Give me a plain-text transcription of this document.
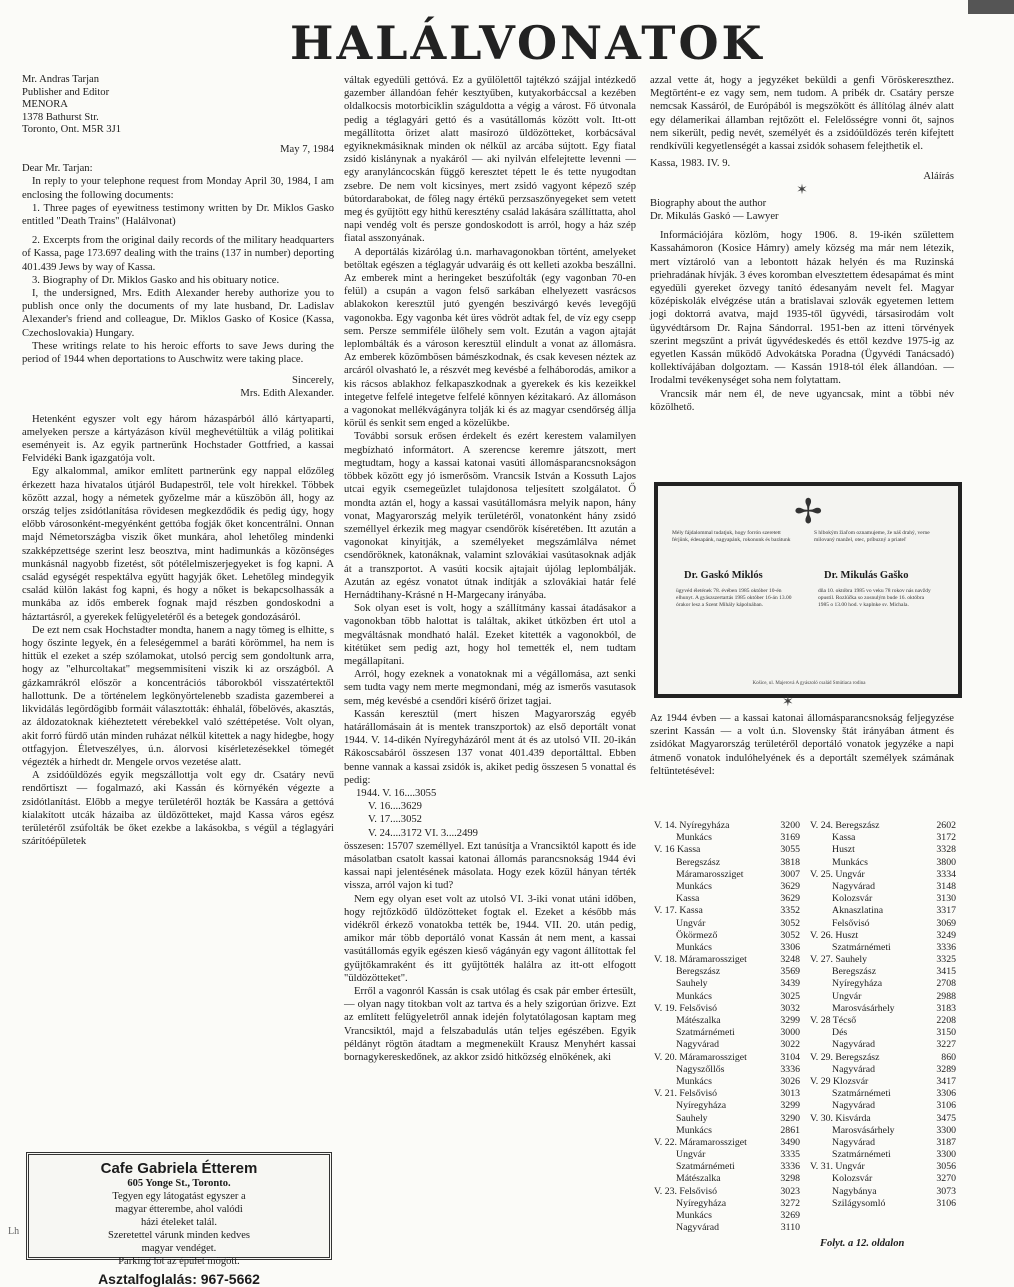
HALÁLVONATOK
Mr. Andras Tarjan
Publisher and Editor
MENORA
1378 Bathurst Str.
Toronto, Ont. M5R 3J1
May 7, 1984
Dear Mr. Tarjan:

In reply to your telephone request from Monday April 30, 1984, I am enclosing the following documents:

1. Three pages of eyewitness testimony written by Dr. Miklos Gasko entitled "Death Trains" (Halálvonat)

2. Excerpts from the original daily records of the military headquarters of Kassa, page 173.697 dealing with the trains (137 in number) deporting 401.439 Jews by way of Kassa.

3. Biography of Dr. Miklos Gasko and his obituary notice.

I, the undersigned, Mrs. Edith Alexander hereby authorize you to publish once only the documents of my late husband, Dr. Ladislav Alexander's friend and colleague, Dr. Miklos Gasko of Kosice (Kassa, Czechoslovakia) Hungary.

These writings relate to his heroic efforts to save Jews during the period of 1944 when deportations to Auschwitz were taking place.

Sincerely,
Mrs. Edith Alexander.

Hetenként egyszer volt egy három házaspárból álló kártyaparti, amelyeken persze a kártyázáson kívül meghevétültük a világ politikai eseményeit is. Az egyik partnerünk Hochstader Gottfried, a kassai Felvidéki Bank igazgatója volt.

Egy alkalommal, amikor említett partnerünk egy nappal előzőleg érkezett haza hivatalos útjáról Budapestről, tele volt hírekkel. Többek között azzal, hogy a németek győzelme már a küszöbön áll, hogy az ország teljes zsidótlanítása rövidesen megkezdődik és pedig úgy, hogy előbb városonként-megyénként gettóba fogják őket koncentrálni. Onnan majd Németországba viszik őket munkára, ahol lehetőleg mindenki szakképzettsége szerint lesz beosztva, mint hadimunkás a közönséges munkásnál nagyobb fizetést, sőt pótélelmiszerjegyeket is fog kapni. A család egységét respektálva együtt hagyják őket. Lehetőleg mindegyik család külön lakást fog kapni, és hogy a nőket is bekapcsolhassák a munkába az idős emberek fognak majd részben gondoskodni a háztartásról, a gyerekek felügyeletéről és a betegek gondozásáról.

De ezt nem csak Hochstadter mondta, hanem a nagy tömeg is elhitte, s hogy őszinte legyek, én a feleségemmel a baráti körömmel, ha nem is hittük el ezeket a szép szólamokat, utolsó percig sem gondoltunk arra, hogy az "elhurcoltakat" megsemmisíteni viszik ki az országból. A gázkamrákról először a koncentrációs táborokból visszatértektől hallottunk. De a történelem legkönyörtelenebb szadista gazemberei a likvidálás legördögibb formáit választották: éhhalál, főbelövés, akasztás, az áldozatoknak kiéheztetett vérebekkel való széttépetése. Volt olyan, akit forró fürdő után minden ruházat nélkül kitettek a nagy hidegbe, hogy ottfagyjon. Életveszélyes, ú.n. álorvosi kísérletezésekkel tömegét végezték a hírhedt dr. Mengele orvos vezetése alatt.

A zsidóüldözés egyik megszállottja volt egy dr. Csatáry nevű rendőrtiszt — fogalmazó, aki Kassán és környékén végezte a zsidótlanítást. Előbb a megye területéről hozták be Kassára a gettóvá kialakított utcák házaiba az üldözötteket, majd Kassa város egész területéről zsúfolták be őket ezekbe a lakásokba, s végül a téglagyári szárítóépületek

Cafe Gabriela Étterem
605 Yonge St., Toronto.
Tegyen egy látogatást egyszer a
magyar étterembe, ahol valódi
házi ételeket talál.
Szeretettel várunk minden kedves
magyar vendéget.
Parking lot az épület mögött.
Asztalfoglalás: 967-5662

váltak egyedüli gettóvá. Ez a gyűlölettől tajtékzó szájjal intézkedő gazember állandóan fehér kesztyűben, kutyakorbáccsal a kezében oldalkocsis motorbiciklin száguldotta a végig a várost. Fő útvonala pedig a téglagyári gettó és a vasútállomás között volt. Itt-ott megállította örizet alatt masírozó üldözötteket, korbácsával egyiknekmásiknak minden ok nélkül az arcába sújtott. Egy fiatal zsidó kislánynak a nyakáról — aki nyilván elfelejtette levenni — egy aranyláncocskán függő keresztet tépett le és tette nyugodtan zsebre. De nem volt kicsinyes, mert zsidó vagyont képező szép bútordarabokat, de főleg nagy értékű perzsaszőnyegeket sem vetett meg és gyűjtött egy hithű keresztény család lakására szállíttatta, ahol napi vendég volt és persze gondoskodott is arról, hogy a ház szép fiatal asszonyának.

A deportálás kizárólag ú.n. marhavagonokban történt, amelyeket betöltak egészen a téglagyár udvaráig és ott kelleti azokba beszállni. Az emberek mint a heringeket beszúfolták (egy vagonban 70-en felül) a csupán a vagon felső sarkában elhelyezett vasrácsos ablakokon keresztül jutó gyengén beszivárgó kevés levegőjű vagonokba. Egy vagonba két üres vödröt adtak fel, de víz egy csepp sem. Persze semmiféle ülőhely sem volt. Ezután a vagon ajtaját leplombálták és a városon keresztül elindult a vonat az állomásra. Az emberek közömbösen bámészkodnak, és csak kevesen néztek az arcáról olvasható le, a részvét meg kevésbé a felháborodás, amikor a kis rácsos ablakhoz felkapaszkodnak a gyerekek és kis kezeikkel integetve felfelé integetve felfelé könnyen kézitakaró. Az állomáson a vagonokat mellékvágányra tolják ki és az magyar csendőrség állja körül és senkit sem enged a közelükbe.

További sorsuk erősen érdekelt és ezért kerestem valamilyen megbízható informátort. A szerencse keremre játszott, mert megtudtam, hogy a kassai katonai vasúti állomásparancsnokságon többek között egy jó ismerősöm. Vrancsik István a Kossuth Lajos utcai egyik csemegeüzlet tulajdonosa teljesített szolgálatot. Ő mondta aztán el, hogy a kassai vasútállomásra melyik napon, hány vonat, Magyarország melyik területéről, vonatonként hány zsidó személlyel érkezik meg magyar csendőrök kíséretében. Itt azután a vagonokat kinyitják, a személyeket megszámlálva német csendőröknek, katonáknak, valamint szlovákiai vasútasoknak adják át a transzportot. A vasúti kocsik ajtajait újólag leplombálják. Azután az egész vonatot útnak indítják a szlovákiai határ felé Hernádtihany-Krásné n H-Margecany irányába.

Sok olyan eset is volt, hogy a szállítmány kassai átadásakor a vagonokban több halottat is találtak, akiket útközben ért utol a megváltásnak mondható halál. Ezeket kitették a vagonokból, de kitétüket sem pedig azt, hogy hol temették el, nem tudtam megállapítani.

Arról, hogy ezeknek a vonatoknak mi a végállomása, azt senki sem tudta vagy nem merte megmondani, még az ismerős vasutasok sem, még kevésbé a csendőri kísérő őrizet tagjai.

Kassán keresztül (mert hiszen Magyarország egyéb határállomásain át is mentek transzportok) az első deportált vonat 1944. V. 14-dikén Nyíregyházáról ment át és az utolsó VII. 20-ikán Rákoscsabáról összesen 137 vonat 401.439 deportálttal. Ebben benne vannak a kassai zsidók is, akiket pedig összesen 5 vonattal és pedig:

1944. V. 16....3055
V. 16....3629
V. 17....3052
V. 24....3172 VI. 3....2499

összesen: 15707 személlyel. Ezt tanúsítja a Vrancsiktól kapott és ide másolatban csatolt kassai katonai állomás parancsnokság 1944 évi kassai napi jelentésének másolata. Hogy ezek közül hányan térték vissza, arról vajon ki tud?

Nem egy olyan eset volt az utolsó VI. 3-iki vonat utáni időben, hogy rejtőzködő üldözötteket fogtak el. Ezeket a később más vidékről érkező vonatokba tették be, 1944. VII. 20. után pedig, amikor már több deportáló vonat Kassán át nem ment, a kassai vasútállomás egyik egészen kieső vágányán egy vagont állítottak fel gyűjtőkamraként és itt gyűjtötték halálra az itt-ott elfogott "üldözötteket".

Erről a vagonról Kassán is csak utólag és csak pár ember értesült, — olyan nagy titokban volt az tartva és a hely szigorúan őrizve. Ezt az említett felügyeletről annak idején folytatólagosan kaptam meg Vrancsiktól, majd a felszabadulás után teljes egészében. Egyik példányt rögtön átadtam a megmenekült Krausz Menyhért kassai bornagykereskedőnek, az akkor zsidó hitközség elnökének, aki

azzal vette át, hogy a jegyzéket beküldi a genfi Vöröskereszthez. Megtörtént-e ez vagy sem, nem tudom. A pribék dr. Csatáry persze nemcsak Kassáról, de Európából is megszökött és állítólag álnév alatt egy délamerikai államban rejtőzött el. Felelősségre vonni őt, sajnos nem sikerült, pedig nevét, személyét és a zsidóüldözés terén kifejtett rendkívüli kegyetlenségét a kassai zsidók sohasem felejthetik el.

Kassa, 1983. IV. 9.
Aláírás
✶
Biography about the author
Dr. Mikulás Gaskó — Lawyer

Információjára közlöm, hogy 1906. 8. 19-ikén születtem Kassahámoron (Kosice Hámry) amely község ma már nem létezik, mert víztároló van a lebontott házak helyén és ma Ruzinská priehradának hívják. 3 éves koromban elvesztettem édesapámat és mint egyedüli gyereket özvegy tanító édesanyám nevelt fel. Magyar középiskolák elvégzése után a bratislavai szlovák egyetemen lettem jogi doktorrá avatva, majd 1935-től ügyvédi, társasirodám volt ügyvédtársom Dr. Rajna Sándorral. 1951-ben az itteni törvények szerint megszűnt a privát ügyvédeskedés és ettől kezdve 1975-ig az egyetlen Kassán működő Advokátska Poradna (Ügyvédi Tanácsadó) kollektívájában dolgoztam. — Kassán 1918-tól élek állandóan. — Irodalmi tevékenységet soha nem folytattam.

Vrancsik már nem él, de neve ugyancsak, mint a többi név közölhető.

✢
Mély fájdalommal tudatjuk, hogy forrón szeretett férjünk, édesapánk, nagyapánk, rokonunk és barátunk
S hlbokým žiaľom oznamujeme, že náš drahý, verne milovaný manžel, otec, príbuzný a priateľ
Dr. Gaskó Miklós	Dr. Mikulás Gaško
ügyvéd életének 78. évében 1985 október 10-én elhunyt. A gyászszertartás 1985 október 16-án 13.00 órakor lesz a Szent Mihály kápolnában.
dňa 10. októbra 1985 vo veku 78 rokov nás navždy opustil. Rozlúčka so zosnulým bude 16. októbra 1985 o 13.00 hod. v kaplnke sv. Michala.
Košice, ul. Majerová A gyászoló család Smútiaca rodina
✶

Az 1944 évben — a kassai katonai állomásparancsnokság feljegyzése szerint Kassán — a volt ú.n. Slovensky štát irányában átment és zsidókat Magyarország területéről deportáló vonatok jegyzéke a napi átmenő vonatok indulóhelyének és a deportált személyek számának feltüntetésével:

V. 14. Nyíregyháza	3200
Munkács	3169
V. 16 Kassa	3055
Beregszász	3818
Máramarossziget	3007
Munkács	3629
Kassa	3629
V. 17. Kassa	3352
Ungvár	3052
Ökörmező	3052
Munkács	3306
V. 18. Máramarossziget	3248
Beregszász	3569
Sauhely	3439
Munkács	3025
V. 19. Felsővisó	3032
Mátészalka	3299
Szatmárnémeti	3000
Nagyvárad	3022
V. 20. Máramarossziget	3104
Nagyszőllős	3336
Munkács	3026
V. 21. Felsővisó	3013
Nyíregyháza	3299
Sauhely	3290
Munkács	2861
V. 22. Máramarossziget	3490
Ungvár	3335
Szatmárnémeti	3336
Mátészalka	3298
V. 23. Felsővisó	3023
Nyíregyháza	3272
Munkács	3269
Nagyvárad	3110
V. 24. Beregszász	2602
Kassa	3172
Huszt	3328
Munkács	3800
V. 25. Ungvár	3334
Nagyvárad	3148
Kolozsvár	3130
Aknaszlatina	3317
Felsővisó	3069
V. 26. Huszt	3249
Szatmárnémeti	3336
V. 27. Sauhely	3325
Beregszász	3415
Nyíregyháza	2708
Ungvár	2988
Marosvásárhely	3183
V. 28 Técső	2208
Dés	3150
Nagyvárad	3227
V. 29. Beregszász	860
Nagyvárad	3289
V. 29 Klozsvár	3417
Szatmárnémeti	3306
Nagyvárad	3106
V. 30. Kisvárda	3475
Marosvásárhely	3300
Nagyvárad	3187
Szatmárnémeti	3300
V. 31. Ungvár	3056
Kolozsvár	3270
Nagybánya	3073
Szilágysomló	3106
Folyt. a 12. oldalon
Lh
